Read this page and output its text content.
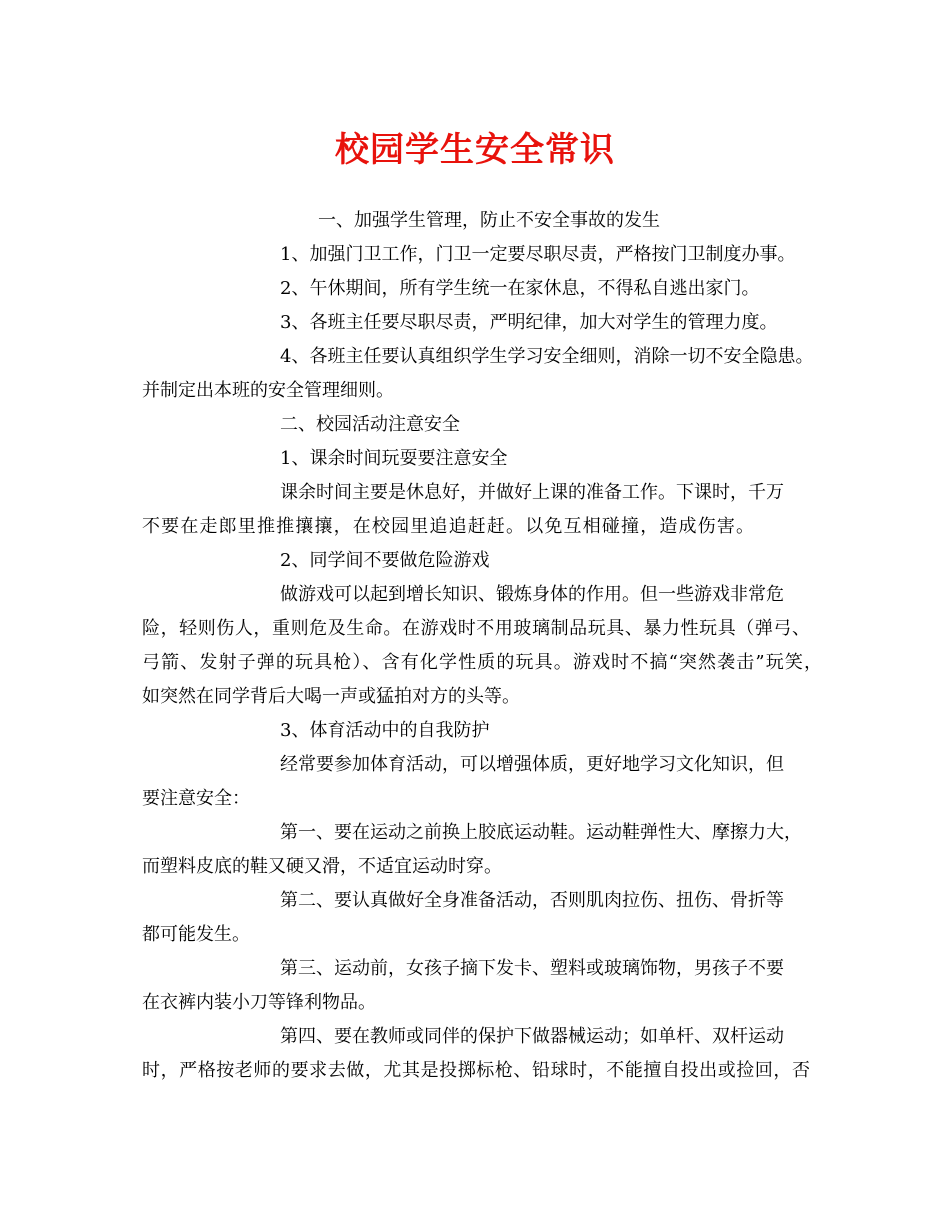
校园学生安全常识
一、加强学生管理，防止不安全事故的发生
1、加强门卫工作，门卫一定要尽职尽责，严格按门卫制度办事。
2、午休期间，所有学生统一在家休息，不得私自逃出家门。
3、各班主任要尽职尽责，严明纪律，加大对学生的管理力度。
4、各班主任要认真组织学生学习安全细则，消除一切不安全隐患。
并制定出本班的安全管理细则。
二、校园活动注意安全
1、课余时间玩耍要注意安全
课余时间主要是休息好，并做好上课的准备工作。下课时，千万
不要在走郎里推推攘攘，在校园里追追赶赶。以免互相碰撞，造成伤害。
2、同学间不要做危险游戏
做游戏可以起到增长知识、锻炼身体的作用。但一些游戏非常危
险，轻则伤人，重则危及生命。在游戏时不用玻璃制品玩具、暴力性玩具（弹弓、
弓箭、发射子弹的玩具枪）、含有化学性质的玩具。游戏时不搞“突然袭击”玩笑，
如突然在同学背后大喝一声或猛拍对方的头等。
3、体育活动中的自我防护
经常要参加体育活动，可以增强体质，更好地学习文化知识，但
要注意安全：
第一、要在运动之前换上胶底运动鞋。运动鞋弹性大、摩擦力大，
而塑料皮底的鞋又硬又滑，不适宜运动时穿。
第二、要认真做好全身准备活动，否则肌肉拉伤、扭伤、骨折等
都可能发生。
第三、运动前，女孩子摘下发卡、塑料或玻璃饰物，男孩子不要
在衣裤内装小刀等锋利物品。
第四、要在教师或同伴的保护下做器械运动；如单杆、双杆运动
时，严格按老师的要求去做，尤其是投掷标枪、铅球时，不能擅自投出或捡回，否
